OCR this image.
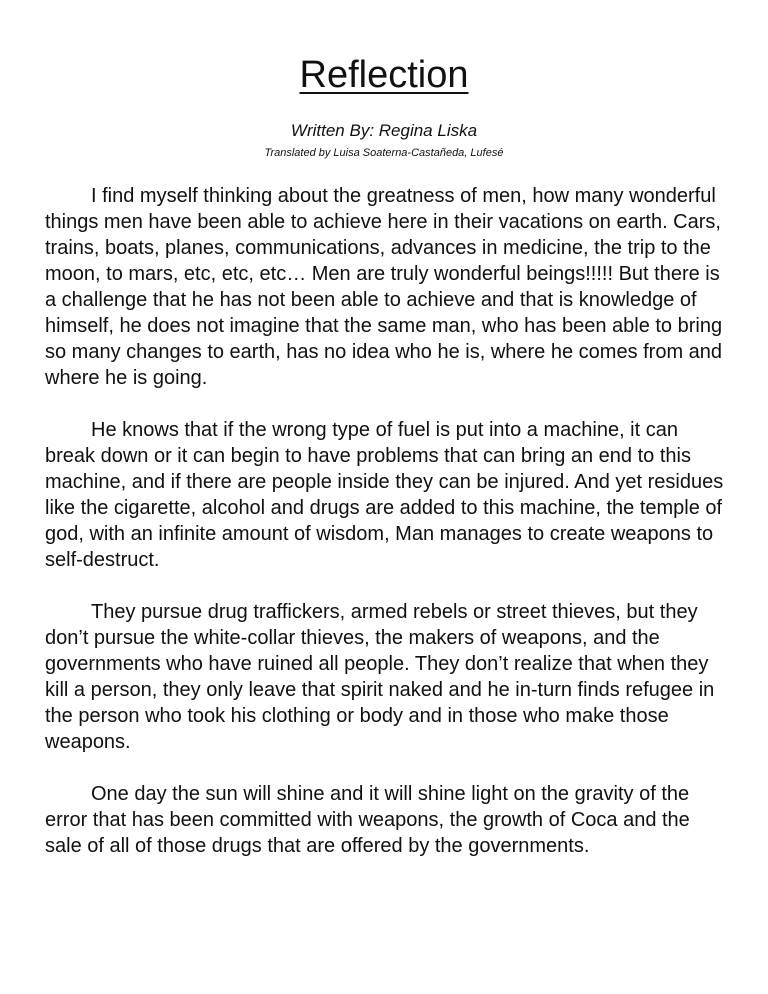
Reflection

Written By: Regina Liska

Translated by Luisa Soaterna-Castañeda, Lufesé

I find myself thinking about the greatness of men, how many wonderful things men have been able to achieve here in their vacations on earth. Cars, trains, boats, planes, communications, advances in medicine, the trip to the moon, to mars, etc, etc, etc… Men are truly wonderful beings!!!!! But there is a challenge that he has not been able to achieve and that is knowledge of himself, he does not imagine that the same man, who has been able to bring so many changes to earth, has no idea who he is, where he comes from and where he is going.

He knows that if the wrong type of fuel is put into a machine, it can break down or it can begin to have problems that can bring an end to this machine, and if there are people inside they can be injured. And yet residues like the cigarette, alcohol and drugs are added to this machine, the temple of god, with an infinite amount of wisdom, Man manages to create weapons to self-destruct.

They pursue drug traffickers, armed rebels or street thieves, but they don’t pursue the white-collar thieves, the makers of weapons, and the governments who have ruined all people. They don’t realize that when they kill a person, they only leave that spirit naked and he in-turn finds refugee in the person who took his clothing or body and in those who make those weapons.

One day the sun will shine and it will shine light on the gravity of the error that has been committed with weapons, the growth of Coca and the sale of all of those drugs that are offered by the governments.
